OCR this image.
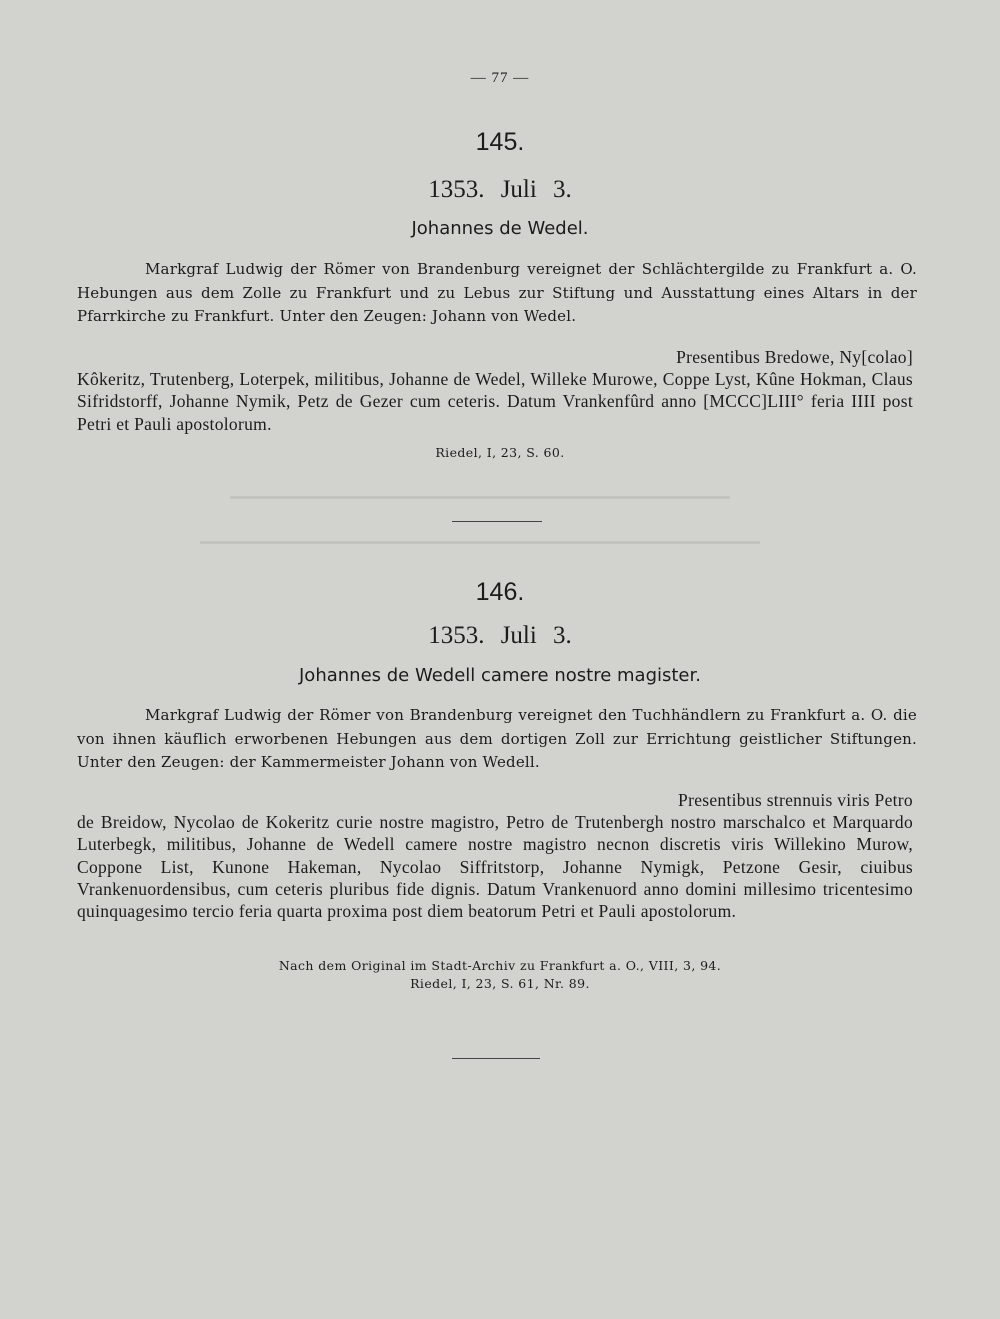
— 77 —
145.
1353. Juli 3.
Johannes de Wedel.
Markgraf Ludwig der Römer von Brandenburg vereignet der Schlächtergilde zu Frankfurt a. O. Hebungen aus dem Zolle zu Frankfurt und zu Lebus zur Stiftung und Ausstattung eines Altars in der Pfarrkirche zu Frankfurt. Unter den Zeugen: Johann von Wedel.
Presentibus Bredowe, Ny[colao]
Kôkeritz, Trutenberg, Loterpek, militibus, Johanne de Wedel, Willeke Murowe, Coppe Lyst, Kûne Hokman, Claus Sifridstorff, Johanne Nymik, Petz de Gezer cum ceteris. Datum Vrankenfûrd anno [MCCC]LIII° feria IIII post Petri et Pauli apostolorum.
Riedel, I, 23, S. 60.
146.
1353. Juli 3.
Johannes de Wedell camere nostre magister.
Markgraf Ludwig der Römer von Brandenburg vereignet den Tuchhändlern zu Frankfurt a. O. die von ihnen käuflich erworbenen Hebungen aus dem dortigen Zoll zur Errichtung geistlicher Stiftungen. Unter den Zeugen: der Kammermeister Johann von Wedell.
Presentibus strennuis viris Petro
de Breidow, Nycolao de Kokeritz curie nostre magistro, Petro de Trutenbergh nostro marschalco et Marquardo Luterbegk, militibus, Johanne de Wedell camere nostre magistro necnon discretis viris Willekino Murow, Coppone List, Kunone Hakeman, Nycolao Siffritstorp, Johanne Nymigk, Petzone Gesir, ciuibus Vrankenuordensibus, cum ceteris pluribus fide dignis. Datum Vrankenuord anno domini millesimo tricentesimo quinquagesimo tercio feria quarta proxima post diem beatorum Petri et Pauli apostolorum.
Nach dem Original im Stadt-Archiv zu Frankfurt a. O., VIII, 3, 94.
Riedel, I, 23, S. 61, Nr. 89.
